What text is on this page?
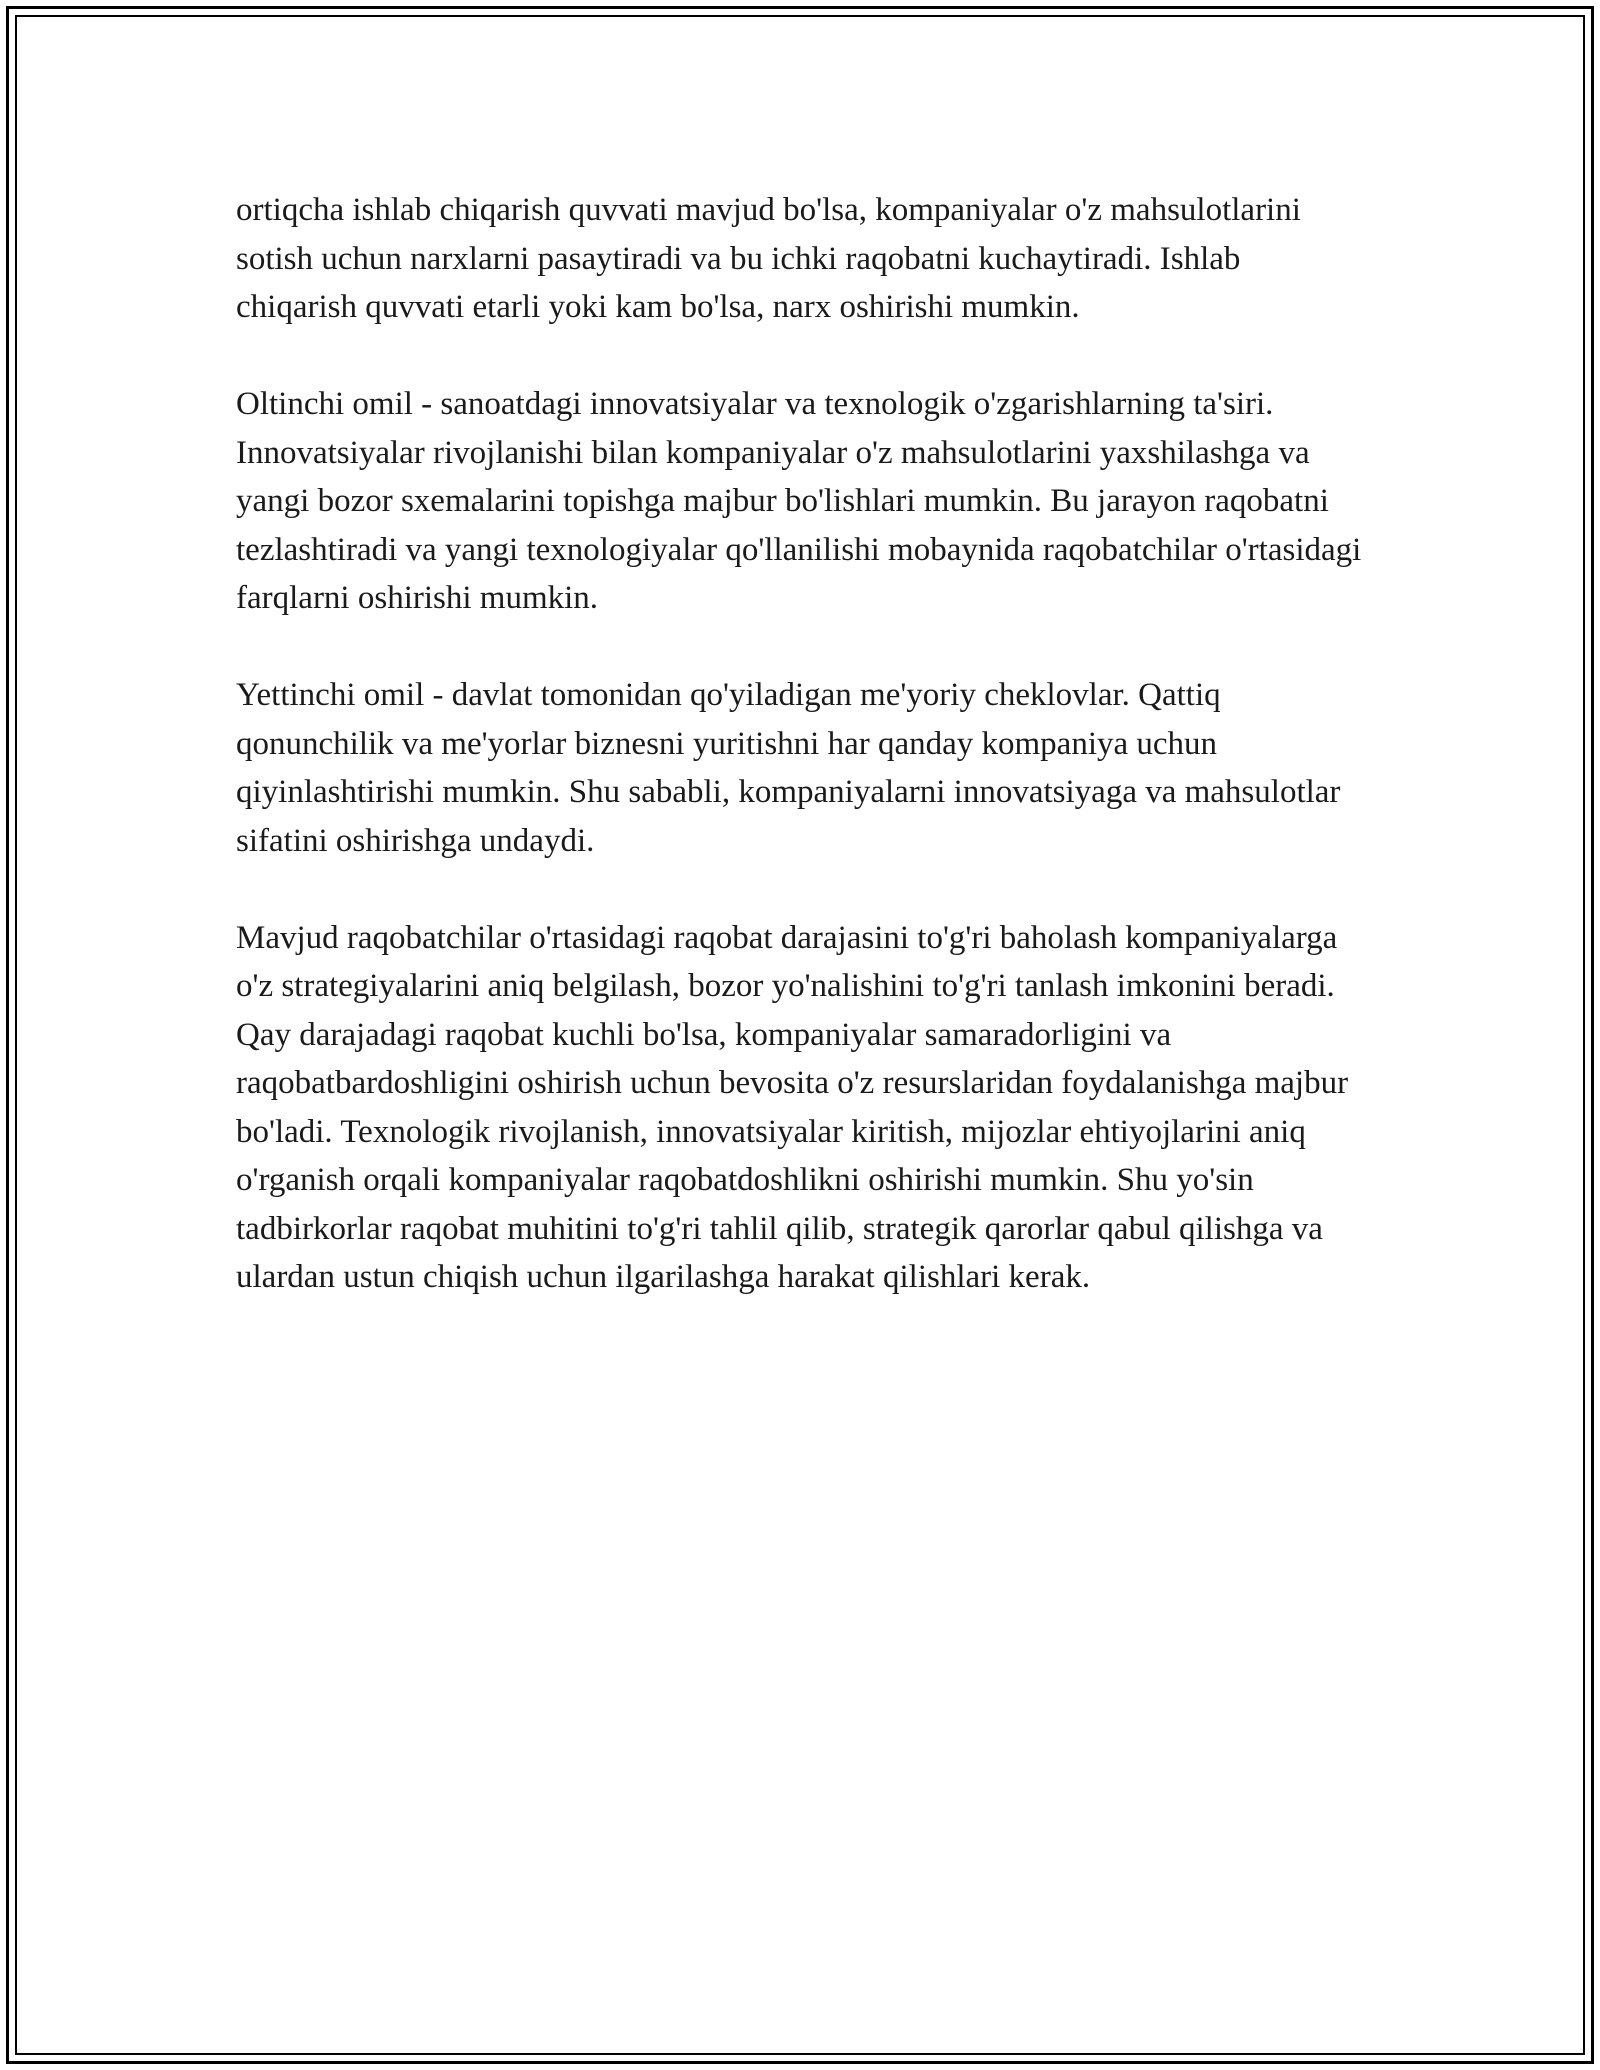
ortiqcha ishlab chiqarish quvvati mavjud bo'lsa, kompaniyalar o'z mahsulotlarini sotish uchun narxlarni pasaytiradi va bu ichki raqobatni kuchaytiradi. Ishlab chiqarish quvvati etarli yoki kam bo'lsa, narx oshirishi mumkin.

Oltinchi omil - sanoatdagi innovatsiyalar va texnologik o'zgarishlarning ta'siri. Innovatsiyalar rivojlanishi bilan kompaniyalar o'z mahsulotlarini yaxshilashga va yangi bozor sxemalarini topishga majbur bo'lishlari mumkin. Bu jarayon raqobatni tezlashtiradi va yangi texnologiyalar qo'llanilishi mobaynida raqobatchilar o'rtasidagi farqlarni oshirishi mumkin.

Yettinchi omil - davlat tomonidan qo'yiladigan me'yoriy cheklovlar. Qattiq qonunchilik va me'yorlar biznesni yuritishni har qanday kompaniya uchun qiyinlashtirishi mumkin. Shu sababli, kompaniyalarni innovatsiyaga va mahsulotlar sifatini oshirishga undaydi.

Mavjud raqobatchilar o'rtasidagi raqobat darajasini to'g'ri baholash kompaniyalarga o'z strategiyalarini aniq belgilash, bozor yo'nalishini to'g'ri tanlash imkonini beradi. Qay darajadagi raqobat kuchli bo'lsa, kompaniyalar samaradorligini va raqobatbardoshligini oshirish uchun bevosita o'z resurslaridan foydalanishga majbur bo'ladi. Texnologik rivojlanish, innovatsiyalar kiritish, mijozlar ehtiyojlarini aniq o'rganish orqali kompaniyalar raqobatdoshlikni oshirishi mumkin. Shu yo'sin tadbirkorlar raqobat muhitini to'g'ri tahlil qilib, strategik qarorlar qabul qilishga va ulardan ustun chiqish uchun ilgarilashga harakat qilishlari kerak.
